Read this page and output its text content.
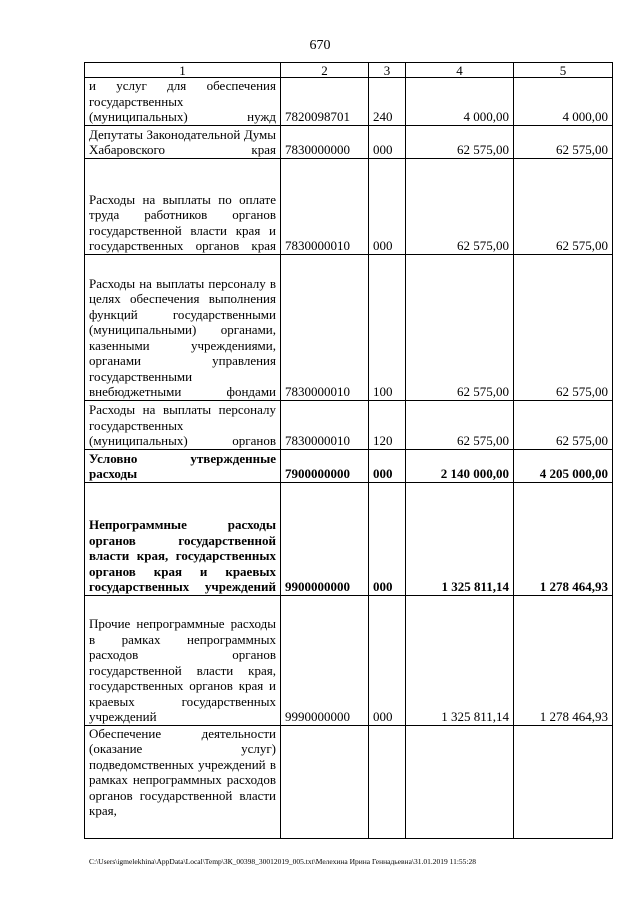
670
1	2	3	4	5
и услуг для обеспечения государственных (муниципальных) нужд	7820098701	240	4 000,00	4 000,00
Депутаты Законодательной Думы Хабаровского края	7830000000	000	62 575,00	62 575,00
Расходы на выплаты по оплате труда работников органов государственной власти края и государственных органов края	7830000010	000	62 575,00	62 575,00
Расходы на выплаты персоналу в целях обеспечения выполнения функций государственными (муниципальными) органами, казенными учреждениями, органами управления государственными внебюджетными фондами	7830000010	100	62 575,00	62 575,00
Расходы на выплаты персоналу государственных (муниципальных) органов	7830000010	120	62 575,00	62 575,00
Условно утвержденные расходы	7900000000	000	2 140 000,00	4 205 000,00
Непрограммные расходы органов государственной власти края, государственных органов края и краевых государственных учреждений	9900000000	000	1 325 811,14	1 278 464,93
Прочие непрограммные расходы в рамках непрограммных расходов органов государственной власти края, государственных органов края и краевых государственных учреждений	9990000000	000	1 325 811,14	1 278 464,93
Обеспечение деятельности (оказание услуг) подведомственных учреждений в рамках непрограммных расходов органов государственной власти края,				
C:\Users\igmelekhina\AppData\Local\Temp\ЗК_00398_30012019_005.txt\Мелехина Ирина Геннадьевна\31.01.2019 11:55:28
